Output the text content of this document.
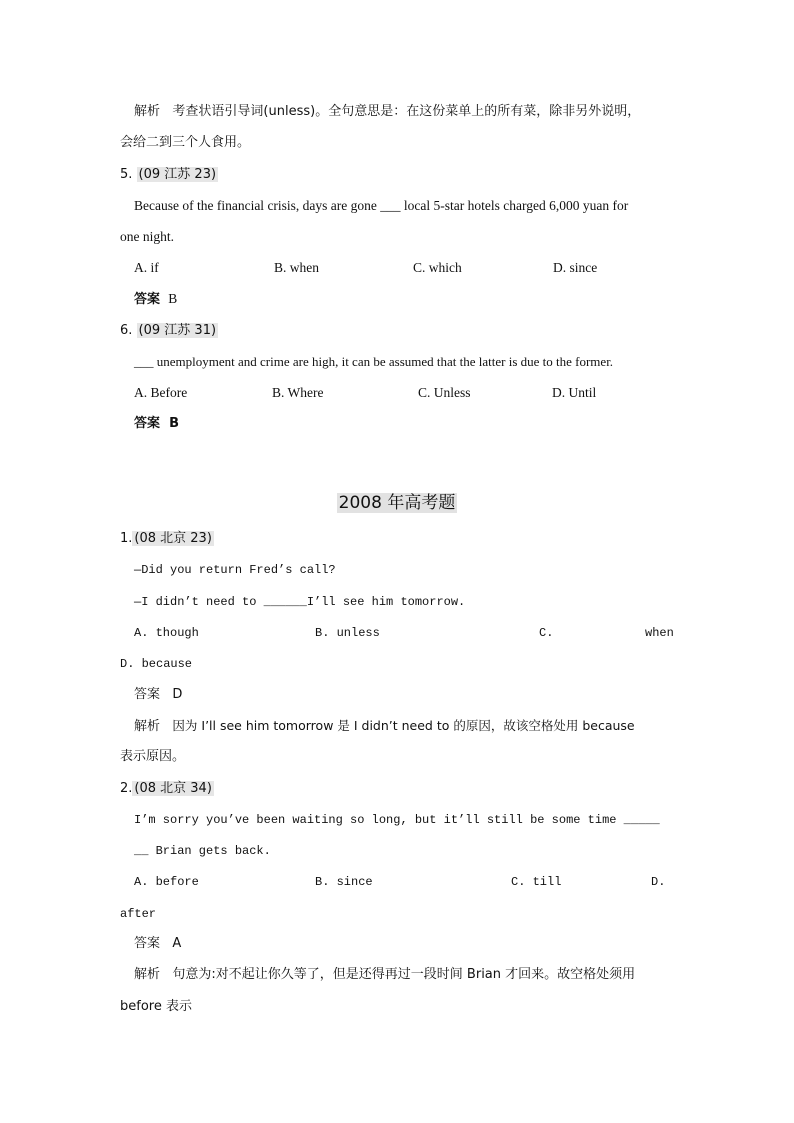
解析 考查状语引导词(unless)。全句意思是：在这份菜单上的所有菜，除非另外说明，
会给二到三个人食用。
5. (09 江苏 23)
Because of the financial crisis, days are gone ___ local 5-star hotels charged 6,000 yuan for
one night.
A. if	B. when	C. which	D. since
答案 B
6. (09 江苏 31)
___ unemployment and crime are high, it can be assumed that the latter is due to the former.
A. Before	B. Where	C. Unless	D. Until
答案 B
2008 年高考题
1. (08 北京 23)
—Did you return Fred’s call?
—I didn’t need to ______I’ll see him tomorrow.
A. though	B. unless	C.	when
D. because
答案 D
解析 因为 I’ll see him tomorrow 是 I didn’t need to 的原因，故该空格处用 because
表示原因。
2. (08 北京 34)
I’m sorry you’ve been waiting so long, but it’ll still be some time _____
__ Brian gets back.
A. before	B. since	C. till	D.
after
答案 A
解析 句意为:对不起让你久等了，但是还得再过一段时间 Brian 才回来。故空格处须用
before 表示
